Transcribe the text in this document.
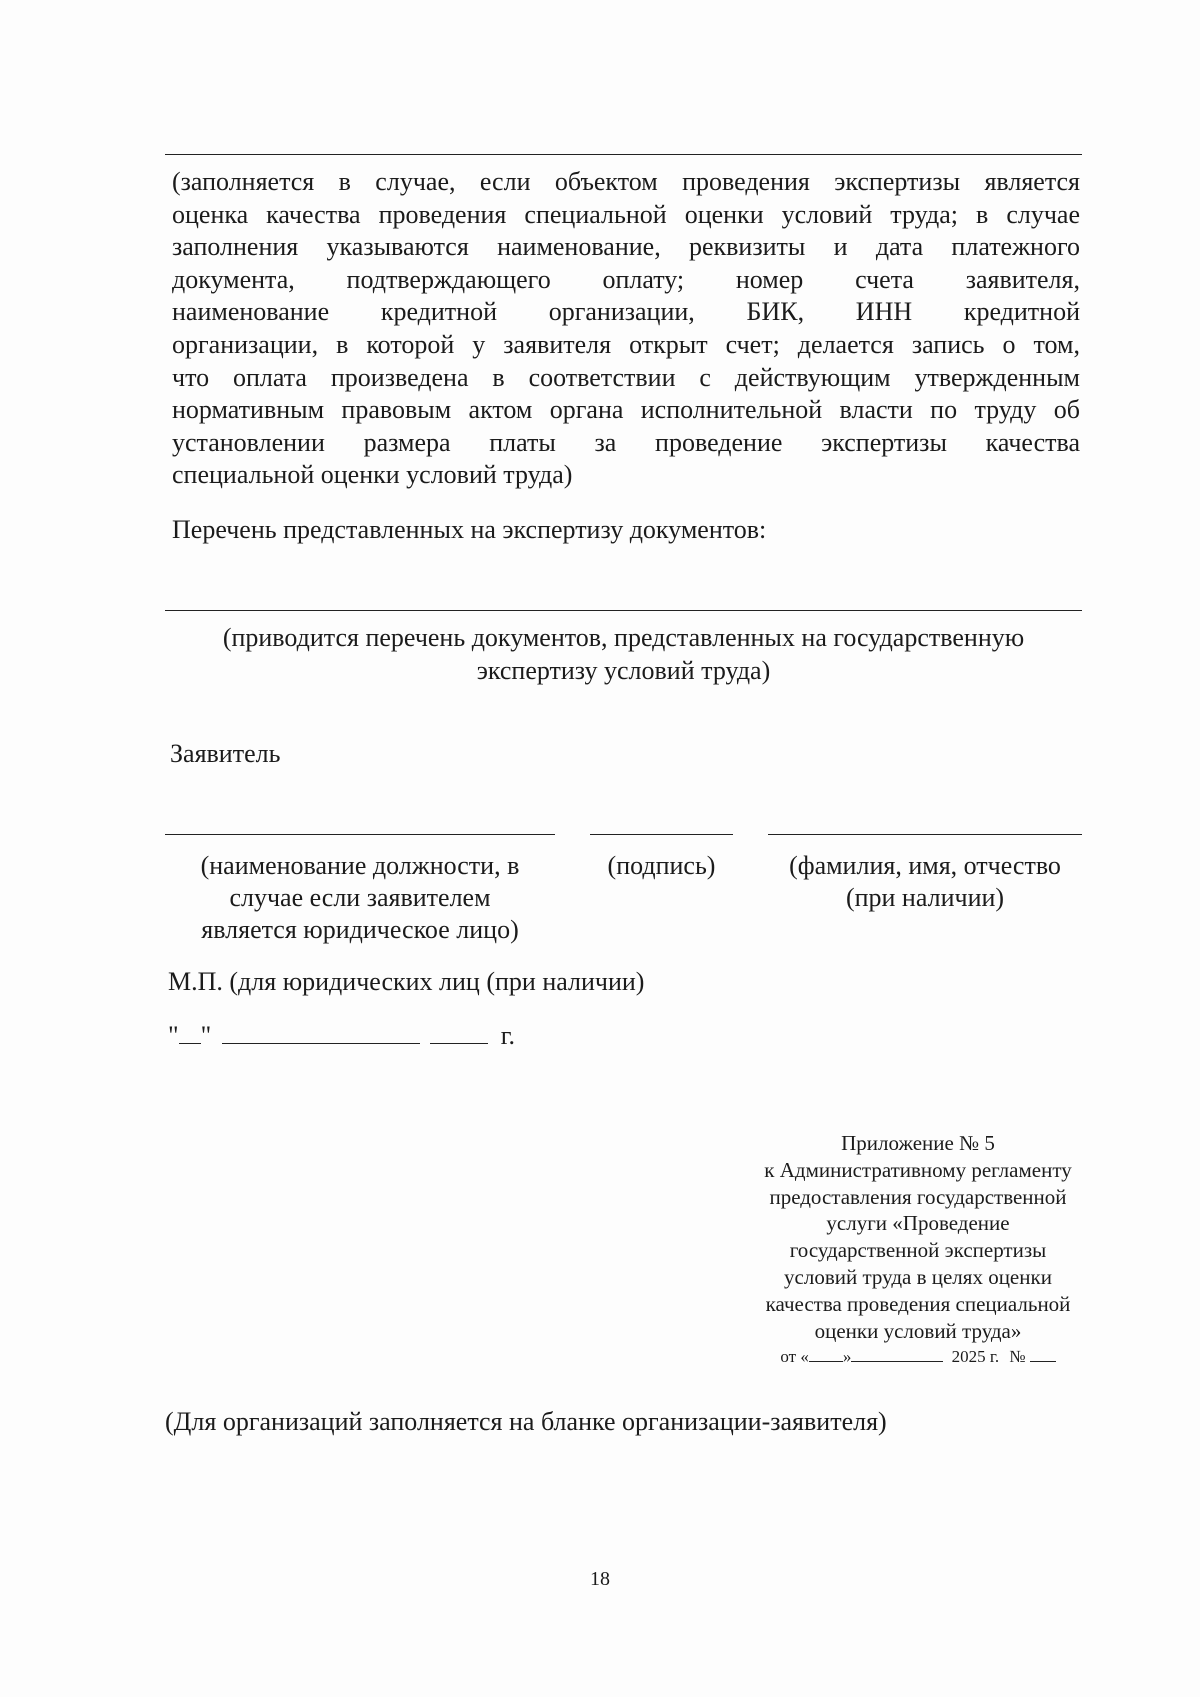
(заполняется в случае, если объектом проведения экспертизы является
оценка качества проведения специальной оценки условий труда; в случае
заполнения указываются наименование, реквизиты и дата платежного
документа, подтверждающего оплату; номер счета заявителя,
наименование кредитной организации, БИК, ИНН кредитной
организации, в которой у заявителя открыт счет; делается запись о том,
что оплата произведена в соответствии с действующим утвержденным
нормативным правовым актом органа исполнительной власти по труду об
установлении размера платы за проведение экспертизы качества
специальной оценки условий труда)
Перечень представленных на экспертизу документов:
(приводится перечень документов, представленных на государственную
экспертизу условий труда)
Заявитель
(наименование должности, в
случае если заявителем
является юридическое лицо)
(подпись)	(фамилия, имя, отчество
(при наличии)
М.П. (для юридических лиц (при наличии)
" "	г.
Приложение № 5
к Административному регламенту
предоставления государственной
услуги «Проведение
государственной экспертизы
условий труда в целях оценки
качества проведения специальной
оценки условий труда»
от « »	2025 г. №
(Для организаций заполняется на бланке организации-заявителя)
18
